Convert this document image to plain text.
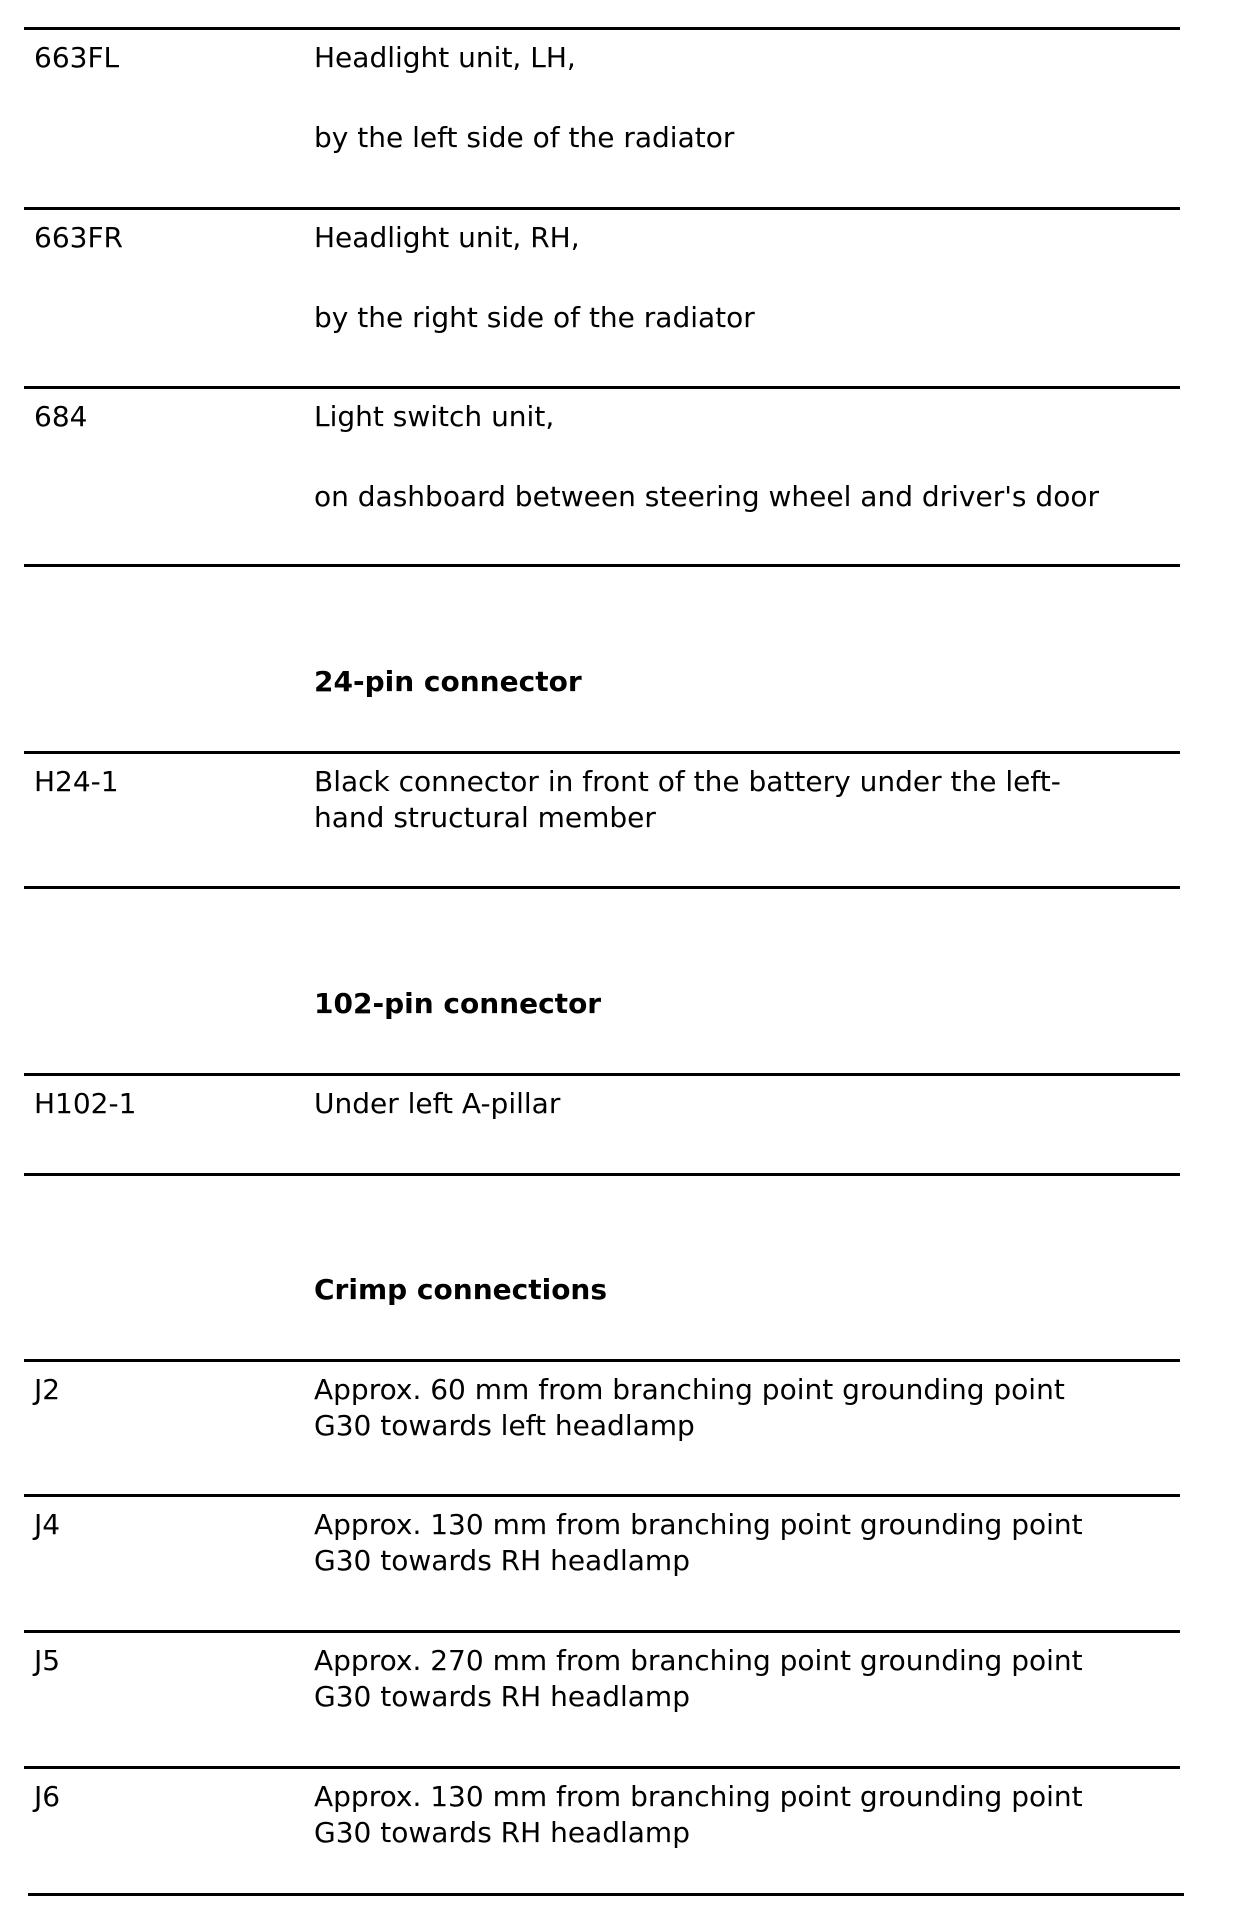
663FL	Headlight unit, LH,
by the left side of the radiator
663FR	Headlight unit, RH,
by the right side of the radiator
684	Light switch unit,
on dashboard between steering wheel and driver's door
24-pin connector
H24-1	Black connector in front of the battery under the left-
hand structural member
102-pin connector
H102-1	Under left A-pillar
Crimp connections
J2	Approx. 60 mm from branching point grounding point
G30 towards left headlamp
J4	Approx. 130 mm from branching point grounding point
G30 towards RH headlamp
J5	Approx. 270 mm from branching point grounding point
G30 towards RH headlamp
J6	Approx. 130 mm from branching point grounding point
G30 towards RH headlamp
